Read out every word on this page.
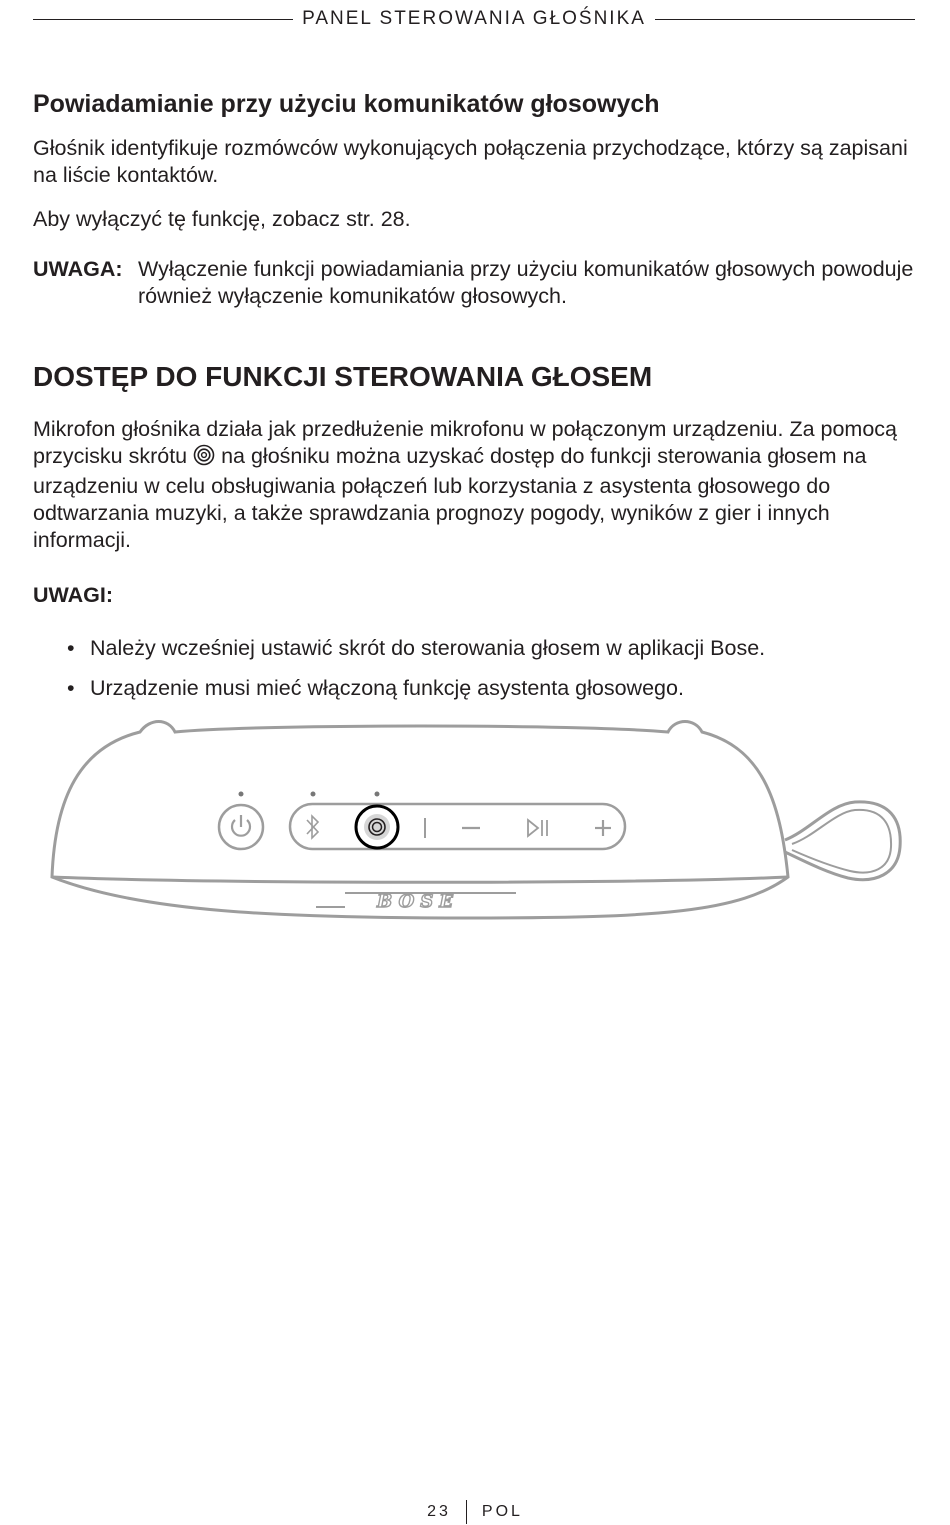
PANEL STEROWANIA GŁOŚNIKA
Powiadamianie przy użyciu komunikatów głosowych

Głośnik identyfikuje rozmówców wykonujących połączenia przychodzące, którzy są zapisani na liście kontaktów.

Aby wyłączyć tę funkcję, zobacz str. 28.

UWAGA: Wyłączenie funkcji powiadamiania przy użyciu komunikatów głosowych powoduje również wyłączenie komunikatów głosowych.
DOSTĘP DO FUNKCJI STEROWANIA GŁOSEM

Mikrofon głośnika działa jak przedłużenie mikrofonu w połączonym urządzeniu. Za pomocą przycisku skrótu  na głośniku można uzyskać dostęp do funkcji sterowania głosem na urządzeniu w celu obsługiwania połączeń lub korzystania z asystenta głosowego do odtwarzania muzyki, a także sprawdzania prognozy pogody, wyników z gier i innych informacji.

UWAGI:
• Należy wcześniej ustawić skrót do sterowania głosem w aplikacji Bose.
• Urządzenie musi mieć włączoną funkcję asystenta głosowego.
BOSE
23 POL
